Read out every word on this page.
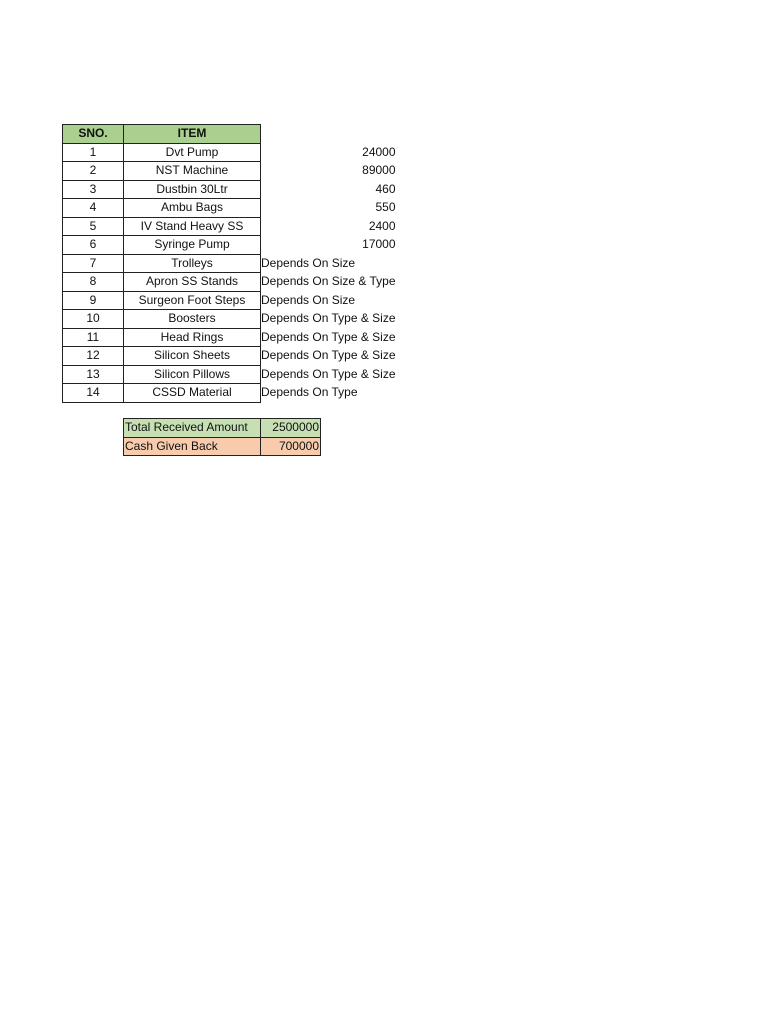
SNO.	ITEM	
1	Dvt Pump	24000
2	NST Machine	89000
3	Dustbin 30Ltr	460
4	Ambu Bags	550
5	IV Stand Heavy SS	2400
6	Syringe Pump	17000
7	Trolleys	Depends On Size
8	Apron SS Stands	Depends On Size & Type
9	Surgeon Foot Steps	Depends On Size
10	Boosters	Depends On Type & Size
11	Head Rings	Depends On Type & Size
12	Silicon Sheets	Depends On Type & Size
13	Silicon Pillows	Depends On Type & Size
14	CSSD Material	Depends On Type
Total Received Amount	2500000
Cash Given Back	700000
